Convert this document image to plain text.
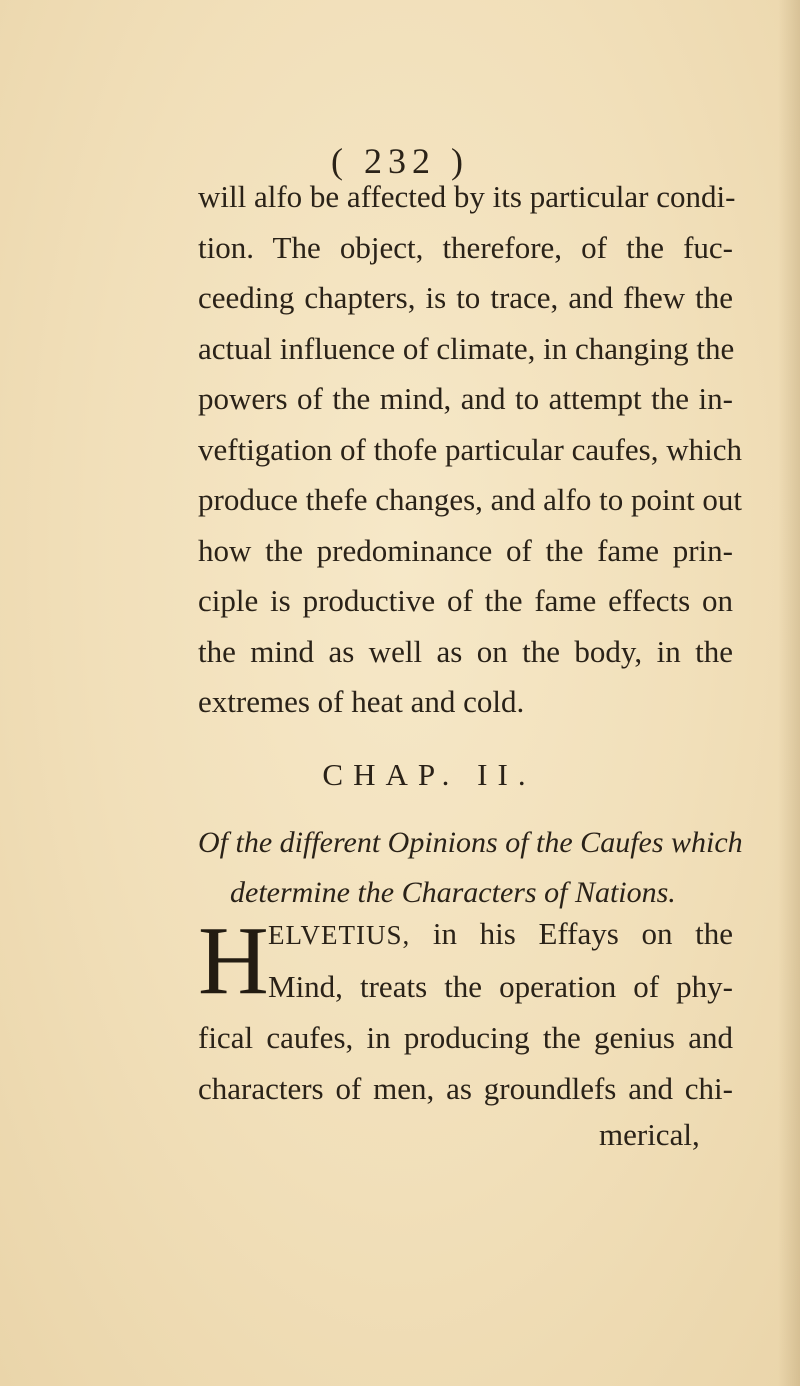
( 232 )
will alfo be affected by its particular condi-
tion. The object, therefore, of the fuc-
ceeding chapters, is to trace, and fhew the
actual influence of climate, in changing the
powers of the mind, and to attempt the in-
veftigation of thofe particular caufes, which
produce thefe changes, and alfo to point out
how the predominance of the fame prin-
ciple is productive of the fame effects on
the mind as well as on the body, in the
extremes of heat and cold.
CHAP. II.
Of the different Opinions of the Caufes which
determine the Characters of Nations.
H ELVETIUS, in his Effays on the
Mind, treats the operation of phy-
fical caufes, in producing the genius and
characters of men, as groundlefs and chi-
merical,
